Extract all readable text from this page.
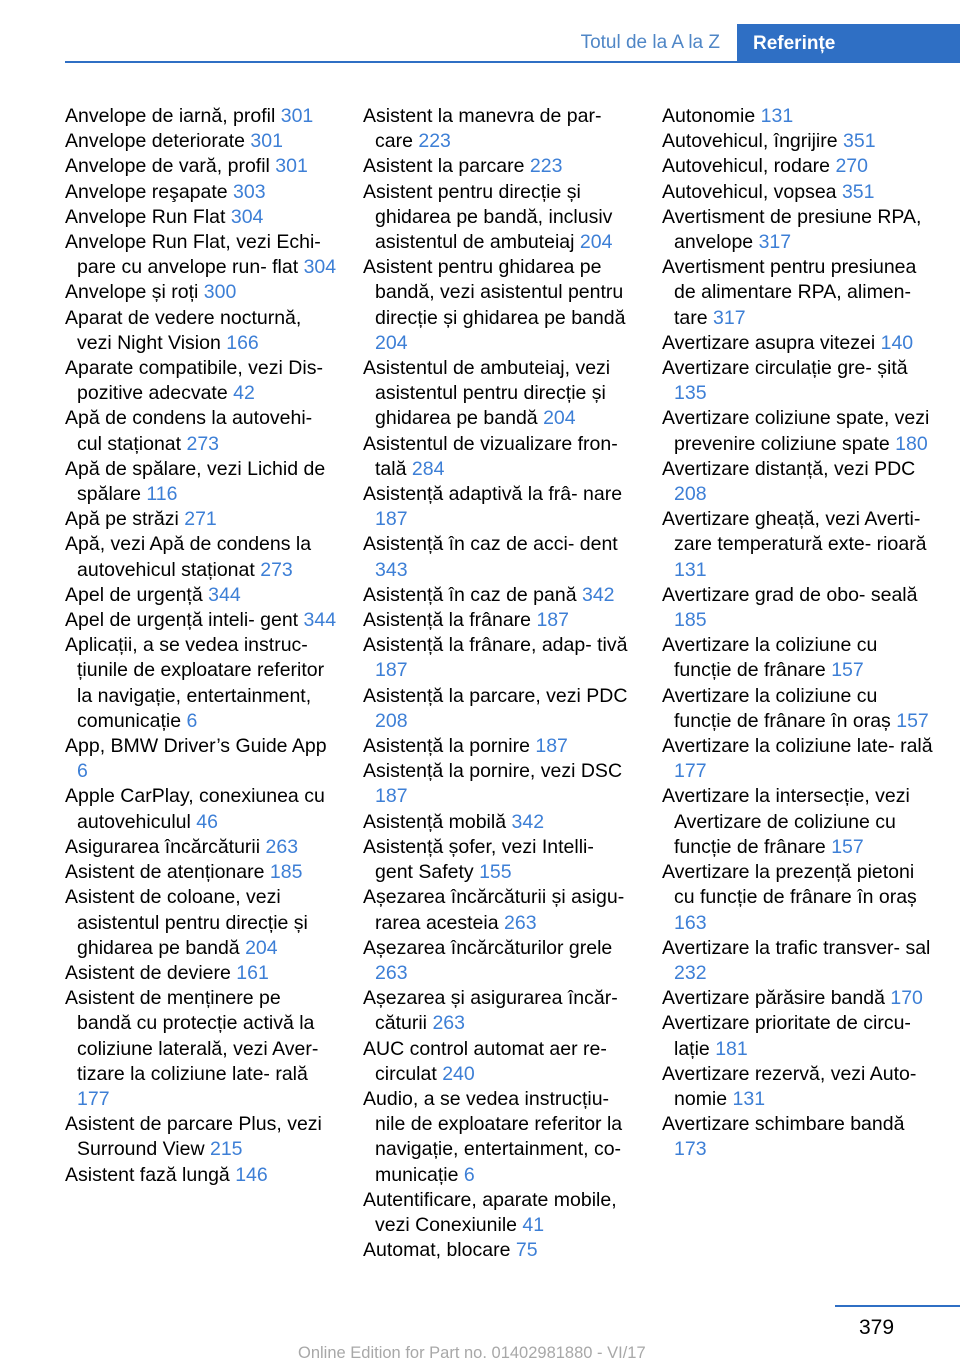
Totul de la A la Z	Referințe

Anvelope de iarnă, profil 301

Anvelope deteriorate 301

Anvelope de vară, profil 301

Anvelope reşapate 303

Anvelope Run Flat 304

Anvelope Run Flat, vezi Echi‐ pare cu anvelope run- flat 304

Anvelope și roți 300

Aparat de vedere nocturnă, vezi Night Vision 166

Aparate compatibile, vezi Dis‐ pozitive adecvate 42

Apă de condens la autovehi‐ cul staționat 273

Apă de spălare, vezi Lichid de spălare 116

Apă pe străzi 271

Apă, vezi Apă de condens la autovehicul staționat 273

Apel de urgență 344

Apel de urgență inteli‐ gent 344

Aplicații, a se vedea instruc‐ țiunile de exploatare referitor la navigație, entertainment, comunicație 6

App, BMW Driver’s Guide App 6

Apple CarPlay, conexiunea cu autovehiculul 46

Asigurarea încărcăturii 263

Asistent de atenționare 185

Asistent de coloane, vezi asistentul pentru direcție și ghidarea pe bandă 204

Asistent de deviere 161

Asistent de menținere pe bandă cu protecție activă la coliziune laterală, vezi Aver‐ tizare la coliziune late‐ rală 177

Asistent de parcare Plus, vezi Surround View 215

Asistent fază lungă 146

Asistent la manevra de par‐ care 223

Asistent la parcare 223

Asistent pentru direcție și ghidarea pe bandă, inclusiv asistentul de ambuteiaj 204

Asistent pentru ghidarea pe bandă, vezi asistentul pentru direcție și ghidarea pe bandă 204

Asistentul de ambuteiaj, vezi asistentul pentru direcție și ghidarea pe bandă 204

Asistentul de vizualizare fron‐ tală 284

Asistență adaptivă la frâ‐ nare 187

Asistență în caz de acci‐ dent 343

Asistență în caz de pană 342

Asistență la frânare 187

Asistență la frânare, adap‐ tivă 187

Asistență la parcare, vezi PDC 208

Asistență la pornire 187

Asistență la pornire, vezi DSC 187

Asistență mobilă 342

Asistență șofer, vezi Intelli‐ gent Safety 155

Așezarea încărcăturii și asigu‐ rarea acesteia 263

Așezarea încărcăturilor grele 263

Așezarea și asigurarea încăr‐ căturii 263

AUC control automat aer re‐ circulat 240

Audio, a se vedea instrucțiu‐ nile de exploatare referitor la navigație, entertainment, co‐ municație 6

Autentificare, aparate mobile, vezi Conexiunile 41

Automat, blocare 75

Autonomie 131

Autovehicul, îngrijire 351

Autovehicul, rodare 270

Autovehicul, vopsea 351

Avertisment de presiune RPA, anvelope 317

Avertisment pentru presiunea de alimentare RPA, alimen‐ tare 317

Avertizare asupra vitezei 140

Avertizare circulație gre‐ șită 135

Avertizare coliziune spate, vezi prevenire coliziune spate 180

Avertizare distanță, vezi PDC 208

Avertizare gheață, vezi Averti‐ zare temperatură exte‐ rioară 131

Avertizare grad de obo‐ seală 185

Avertizare la coliziune cu funcție de frânare 157

Avertizare la coliziune cu funcție de frânare în oraș 157

Avertizare la coliziune late‐ rală 177

Avertizare la intersecție, vezi Avertizare de coliziune cu funcție de frânare 157

Avertizare la prezență pietoni cu funcție de frânare în oraș 163

Avertizare la trafic transver‐ sal 232

Avertizare părăsire bandă 170

Avertizare prioritate de circu‐ lație 181

Avertizare rezervă, vezi Auto‐ nomie 131

Avertizare schimbare bandă 173

379
Online Edition for Part no. 01402981880 - VI/17
